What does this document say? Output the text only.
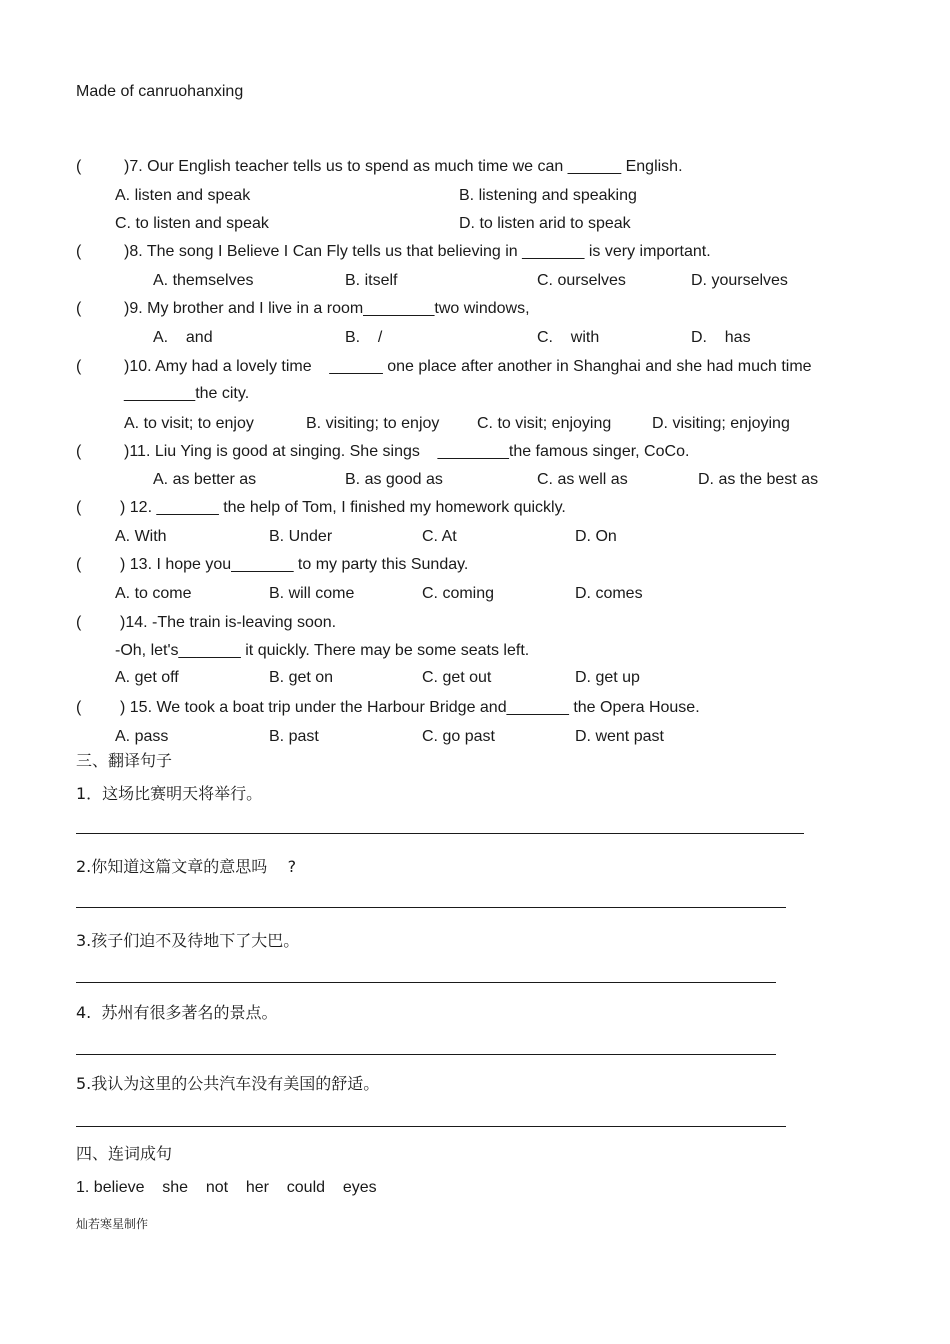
Made of canruohanxing
(	)7. Our English teacher tells us to spend as much time we can ______ English.
A. listen and speak	B. listening and speaking
C. to listen and speak	D. to listen arid to speak
(	)8. The song I Believe I Can Fly tells us that believing in _______ is very important.
A. themselves	B. itself	C. ourselves	D. yourselves
(	)9. My brother and I live in a room________two windows,
A.    and	B.    /	C.    with	D.    has
(	)10. Amy had a lovely time    ______ one place after another in Shanghai and she had much time
________the city.
A. to visit; to enjoy	B. visiting; to enjoy C. to visit; enjoying	D. visiting; enjoying
(	)11. Liu Ying is good at singing. She sings    ________the famous singer, CoCo.
A. as better as	B. as good as	C. as well as	D. as the best as
( ) 12. _______ the help of Tom, I finished my homework quickly.
A. With	B. Under	C. At	D. On
( ) 13. I hope you_______ to my party this Sunday.
A. to come	B. will come	C. coming	D. comes
( )14. -The train is-leaving soon.
-Oh, let's_______ it quickly. There may be some seats left.
A. get off	B. get on	C. get out	D. get up
( ) 15. We took a boat trip under the Harbour Bridge and_______ the Opera House.
A. pass	B. past	C. go past	D. went past
三、翻译句子
1．这场比赛明天将举行。
2.你知道这篇文章的意思吗    ?
3.孩子们迫不及待地下了大巴。
4.  苏州有很多著名的景点。
5.我认为这里的公共汽车没有美国的舒适。
四、连词成句
1. believe    she    not    her    could    eyes
灿若寒星制作
